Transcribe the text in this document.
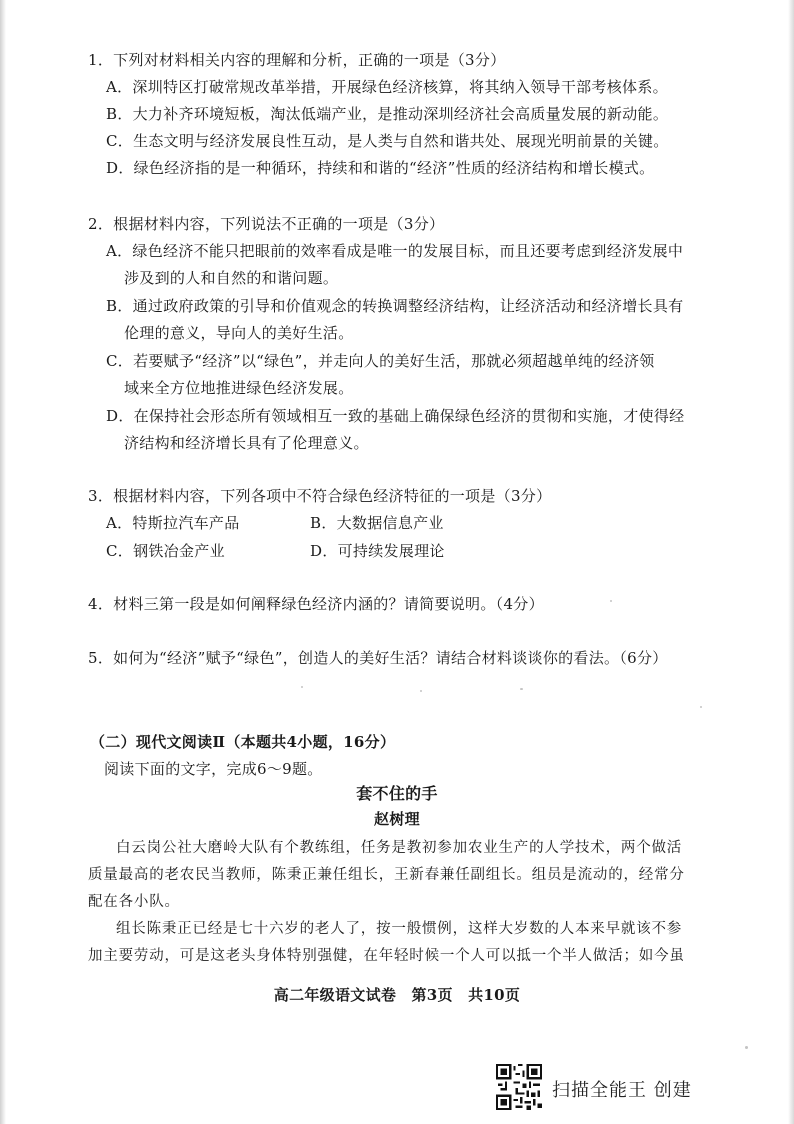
1．下列对材料相关内容的理解和分析，正确的一项是（3分）
A．深圳特区打破常规改革举措，开展绿色经济核算，将其纳入领导干部考核体系。
B．大力补齐环境短板，淘汰低端产业，是推动深圳经济社会高质量发展的新动能。
C．生态文明与经济发展良性互动，是人类与自然和谐共处、展现光明前景的关键。
D．绿色经济指的是一种循环，持续和和谐的“经济”性质的经济结构和增长模式。
2．根据材料内容，下列说法不正确的一项是（3分）
A．绿色经济不能只把眼前的效率看成是唯一的发展目标，而且还要考虑到经济发展中
涉及到的人和自然的和谐问题。
B．通过政府政策的引导和价值观念的转换调整经济结构，让经济活动和经济增长具有
伦理的意义，导向人的美好生活。
C．若要赋予“经济”以“绿色”，并走向人的美好生活，那就必须超越单纯的经济领
域来全方位地推进绿色经济发展。
D．在保持社会形态所有领域相互一致的基础上确保绿色经济的贯彻和实施，才使得经
济结构和经济增长具有了伦理意义。
3．根据材料内容，下列各项中不符合绿色经济特征的一项是（3分）
A．特斯拉汽车产品	B．大数据信息产业
C．钢铁冶金产业	D．可持续发展理论
4．材料三第一段是如何阐释绿色经济内涵的？请简要说明。（4分）
5．如何为“经济”赋予“绿色”，创造人的美好生活？请结合材料谈谈你的看法。（6分）
（二）现代文阅读Ⅱ（本题共4小题，16分）
阅读下面的文字，完成6～9题。
套不住的手
赵树理
白云岗公社大磨岭大队有个教练组，任务是教初参加农业生产的人学技术，两个做活
质量最高的老农民当教师，陈秉正兼任组长，王新春兼任副组长。组员是流动的，经常分
配在各小队。
组长陈秉正已经是七十六岁的老人了，按一般惯例，这样大岁数的人本来早就该不参
加主要劳动，可是这老头身体特别强健，在年轻时候一个人可以抵一个半人做活；如今虽
高二年级语文试卷　第3页　共10页
扫描全能王 创建
